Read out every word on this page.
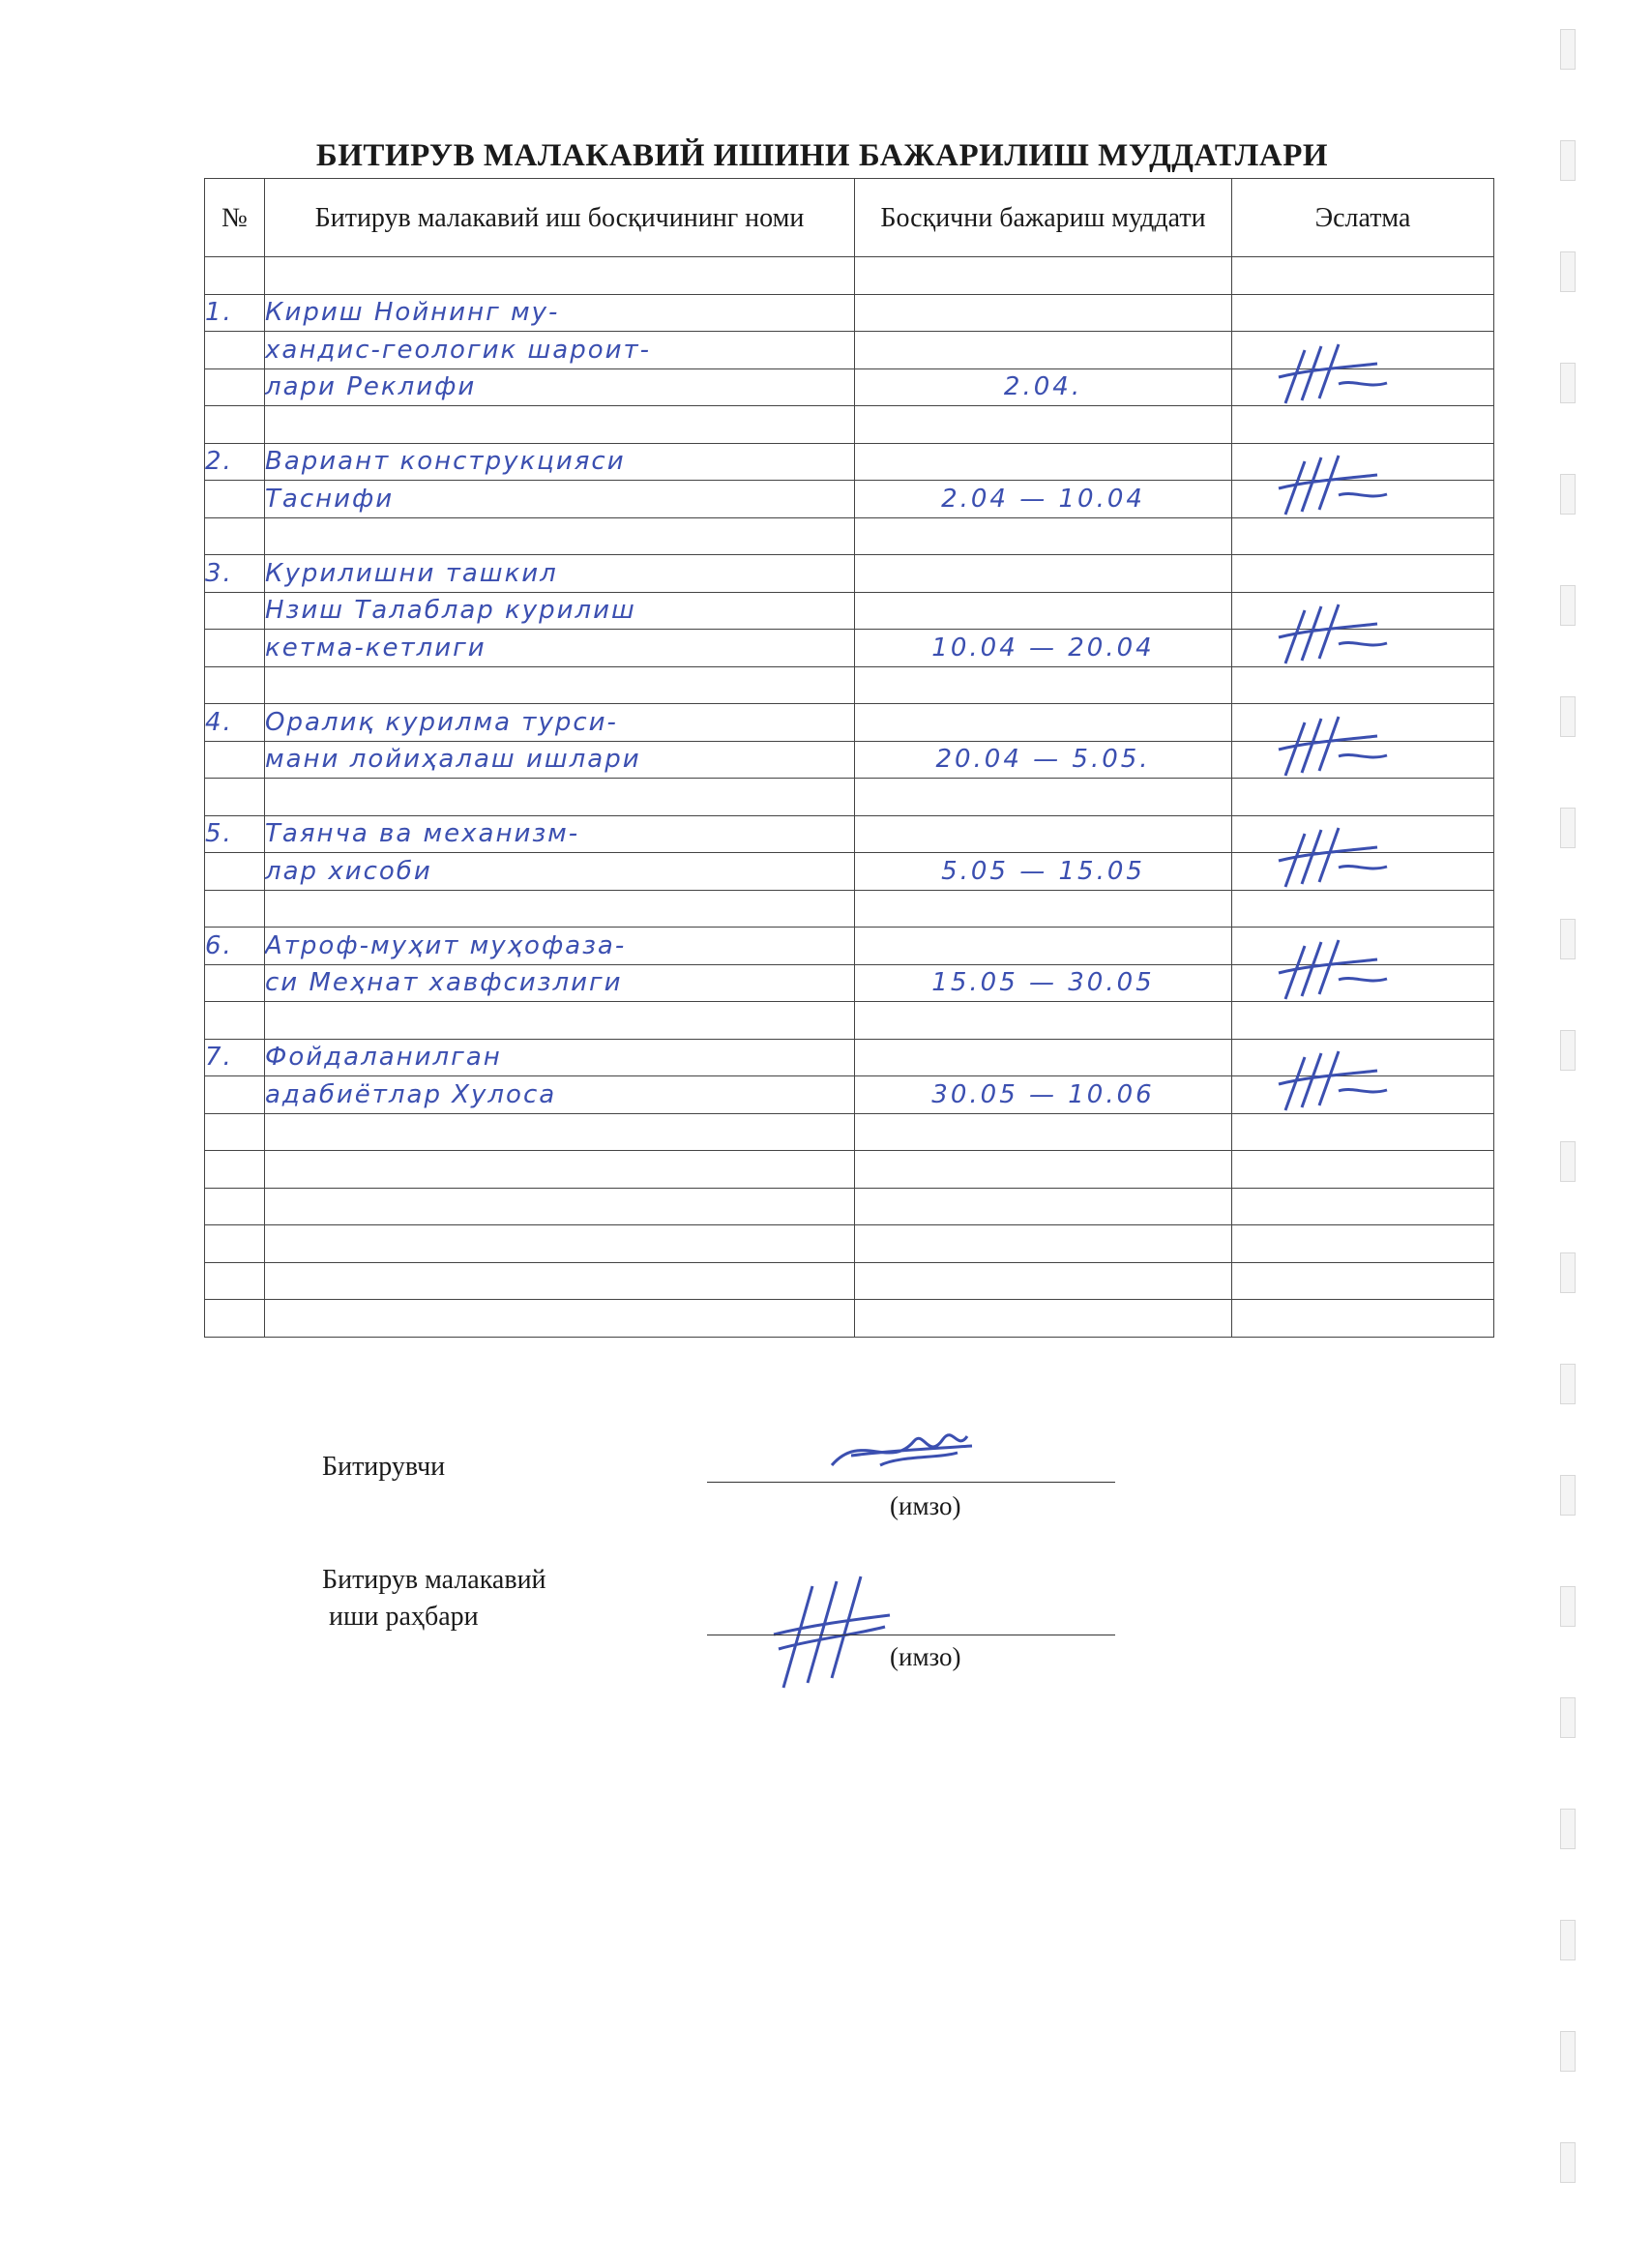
БИТИРУВ МАЛАКАВИЙ ИШИНИ БАЖАРИЛИШ МУДДАТЛАРИ
№	Битирув малакавий иш босқичининг номи	Босқични бажариш муддати	Эслатма

1.	Кириш Нойнинг му-		
	хандис-геологик шароит-		
	лари Реклифи	2.04.	

2.	Вариант конструкцияси		
	Таснифи	2.04 — 10.04	

3.	Курилишни ташкил		
	Нзиш Талаблар курилиш		
	кетма-кетлиги	10.04 — 20.04	

4.	Оралиқ курилма турси-		
	мани лойиҳалаш ишлари	20.04 — 5.05.	

5.	Таянча ва механизм-		
	лар хисоби	5.05 — 15.05	

6.	Атроф-муҳит муҳофаза-		
	си Меҳнат хавфсизлиги	15.05 — 30.05	

7.	Фойдаланилган		
	адабиётлар Хулоса	30.05 — 10.06	

Битирувчи
(имзо)
Битирув малакавий
иши раҳбари
(имзо)
